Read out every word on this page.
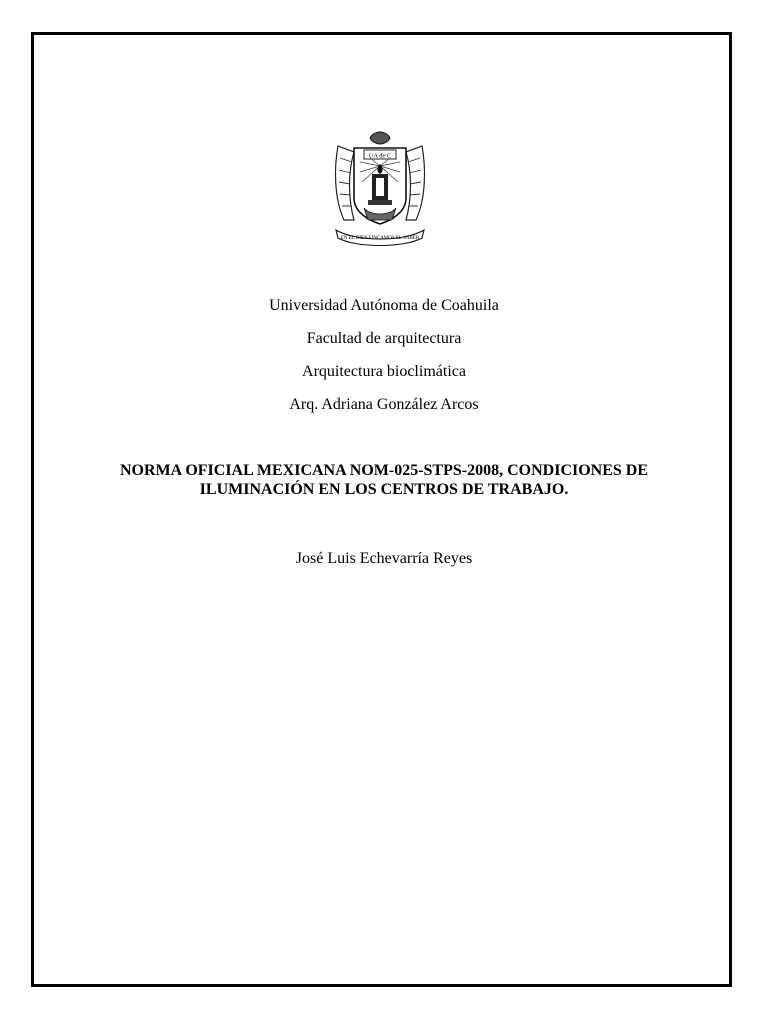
UA de C
EN EL BIEN FINCAMOS EL SABER
Universidad Autónoma de Coahuila
Facultad de arquitectura
Arquitectura bioclimática
Arq. Adriana González Arcos
NORMA OFICIAL MEXICANA NOM-025-STPS-2008, CONDICIONES DE
ILUMINACIÓN EN LOS CENTROS DE TRABAJO.
José Luis Echevarría Reyes
